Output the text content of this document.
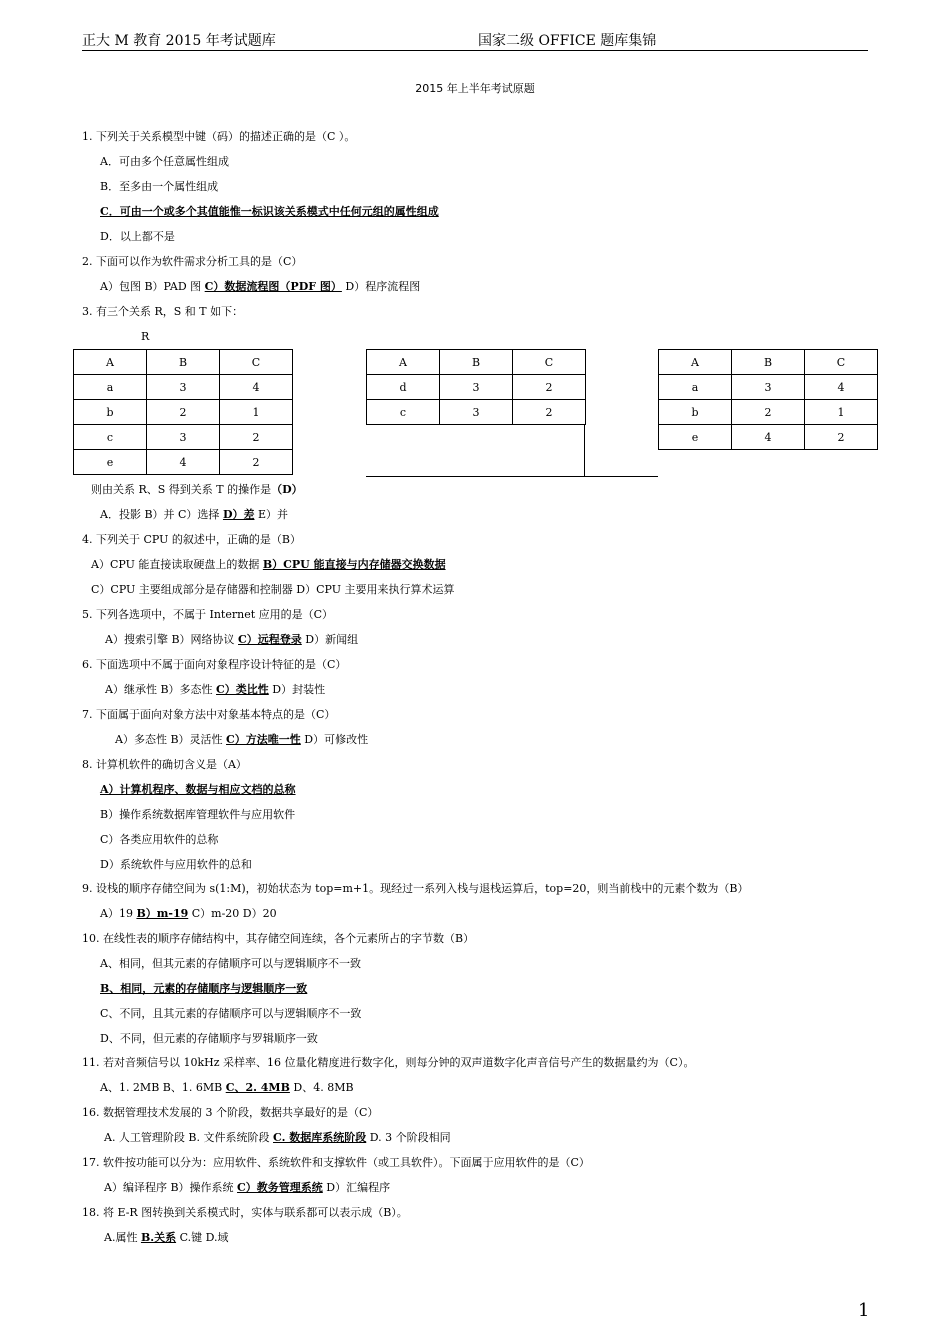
正大 M 教育 2015 年考试题库	国家二级 OFFICE 题库集锦
2015 年上半年考试原题
1. 下列关于关系模型中键（码）的描述正确的是（C ）。
A．可由多个任意属性组成
B．至多由一个属性组成
C．可由一个或多个其值能惟一标识该关系模式中任何元组的属性组成
D．以上都不是
2. 下面可以作为软件需求分析工具的是（C）
A）包图 B）PAD 图 C）数据流程图（PDF 图） D）程序流程图
3. 有三个关系 R，S 和 T 如下：
R
A	B	C
a	3	4
b	2	1
c	3	2
e	4	2
A	B	C
d	3	2
c	3	2
A	B	C
a	3	4
b	2	1
e	4	2
则由关系 R、S 得到关系 T 的操作是（D）
A．投影 B）并 C）选择 D）差 E）并
4. 下列关于 CPU 的叙述中，正确的是（B）
A）CPU 能直接读取硬盘上的数据 B）CPU 能直接与内存储器交换数据
C）CPU 主要组成部分是存储器和控制器 D）CPU 主要用来执行算术运算
5. 下列各选项中，不属于 Internet 应用的是（C）
A）搜索引擎 B）网络协议 C）远程登录 D）新闻组
6. 下面选项中不属于面向对象程序设计特征的是（C）
A）继承性 B）多态性 C）类比性 D）封装性
7. 下面属于面向对象方法中对象基本特点的是（C）
A）多态性 B）灵活性 C）方法唯一性 D）可修改性
8. 计算机软件的确切含义是（A）
A）计算机程序、数据与相应文档的总称
B）操作系统数据库管理软件与应用软件
C）各类应用软件的总称
D）系统软件与应用软件的总和
9. 设栈的顺序存储空间为 s(1:M)，初始状态为 top=m+1。现经过一系列入栈与退栈运算后，top=20，则当前栈中的元素个数为（B）
A）19 B）m-19 C）m-20 D）20
10. 在线性表的顺序存储结构中，其存储空间连续，各个元素所占的字节数（B）
A、相同，但其元素的存储顺序可以与逻辑顺序不一致
B、相同，元素的存储顺序与逻辑顺序一致
C、不同，且其元素的存储顺序可以与逻辑顺序不一致
D、不同，但元素的存储顺序与罗辑顺序一致
11. 若对音频信号以 10kHz 采样率、16 位量化精度进行数字化，则每分钟的双声道数字化声音信号产生的数据量约为（C）。
A、1. 2MB B、1. 6MB C、2. 4MB D、4. 8MB
16. 数据管理技术发展的 3 个阶段，数据共享最好的是（C）
A. 人工管理阶段 B. 文件系统阶段 C. 数据库系统阶段 D. 3 个阶段相同
17. 软件按功能可以分为：应用软件、系统软件和支撑软件（或工具软件）。下面属于应用软件的是（C）
A）编译程序 B）操作系统 C）教务管理系统 D）汇编程序
18. 将 E-R 图转换到关系模式时，实体与联系都可以表示成（B）。
A.属性 B.关系 C.键 D.域
1
